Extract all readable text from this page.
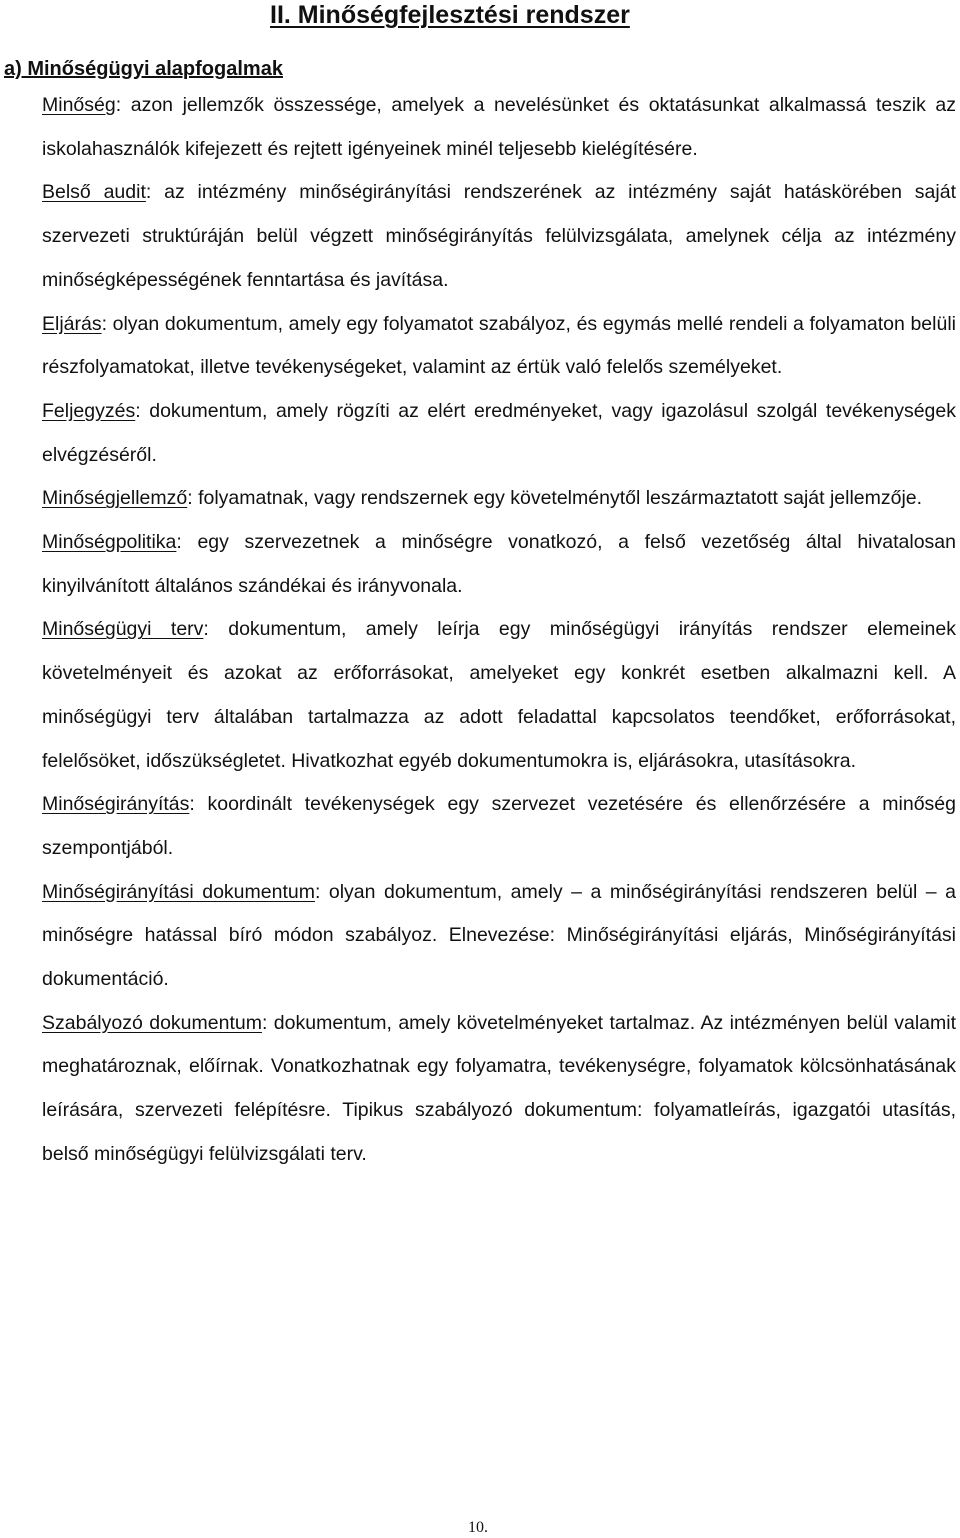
II. Minőségfejlesztési rendszer
a) Minőségügyi alapfogalmak

Minőség: azon jellemzők összessége, amelyek a nevelésünket és oktatásunkat alkalmassá teszik az iskolahasználók kifejezett és rejtett igényeinek minél teljesebb kielégítésére.

Belső audit: az intézmény minőségirányítási rendszerének az intézmény saját hatáskörében saját szervezeti struktúráján belül végzett minőségirányítás felülvizsgálata, amelynek célja az intézmény minőségképességének fenntartása és javítása.

Eljárás: olyan dokumentum, amely egy folyamatot szabályoz, és egymás mellé rendeli a folyamaton belüli részfolyamatokat, illetve tevékenységeket, valamint az értük való felelős személyeket.

Feljegyzés: dokumentum, amely rögzíti az elért eredményeket, vagy igazolásul szolgál tevékenységek elvégzéséről.

Minőségjellemző: folyamatnak, vagy rendszernek egy követelménytől leszármaztatott saját jellemzője.

Minőségpolitika: egy szervezetnek a minőségre vonatkozó, a felső vezetőség által hivatalosan kinyilvánított általános szándékai és irányvonala.

Minőségügyi terv: dokumentum, amely leírja egy minőségügyi irányítás rendszer elemeinek követelményeit és azokat az erőforrásokat, amelyeket egy konkrét esetben alkalmazni kell. A minőségügyi terv általában tartalmazza az adott feladattal kapcsolatos teendőket, erőforrásokat, felelősöket, időszükségletet. Hivatkozhat egyéb dokumentumokra is, eljárásokra, utasításokra.

Minőségirányítás: koordinált tevékenységek egy szervezet vezetésére és ellenőrzésére a minőség szempontjából.

Minőségirányítási dokumentum: olyan dokumentum, amely – a minőségirányítási rendszeren belül – a minőségre hatással bíró módon szabályoz. Elnevezése: Minőségirányítási eljárás, Minőségirányítási dokumentáció.

Szabályozó dokumentum: dokumentum, amely követelményeket tartalmaz. Az intézményen belül valamit meghatároznak, előírnak. Vonatkozhatnak egy folyamatra, tevékenységre, folyamatok kölcsönhatásának leírására, szervezeti felépítésre. Tipikus szabályozó dokumentum: folyamatleírás, igazgatói utasítás, belső minőségügyi felülvizsgálati terv.

10.
